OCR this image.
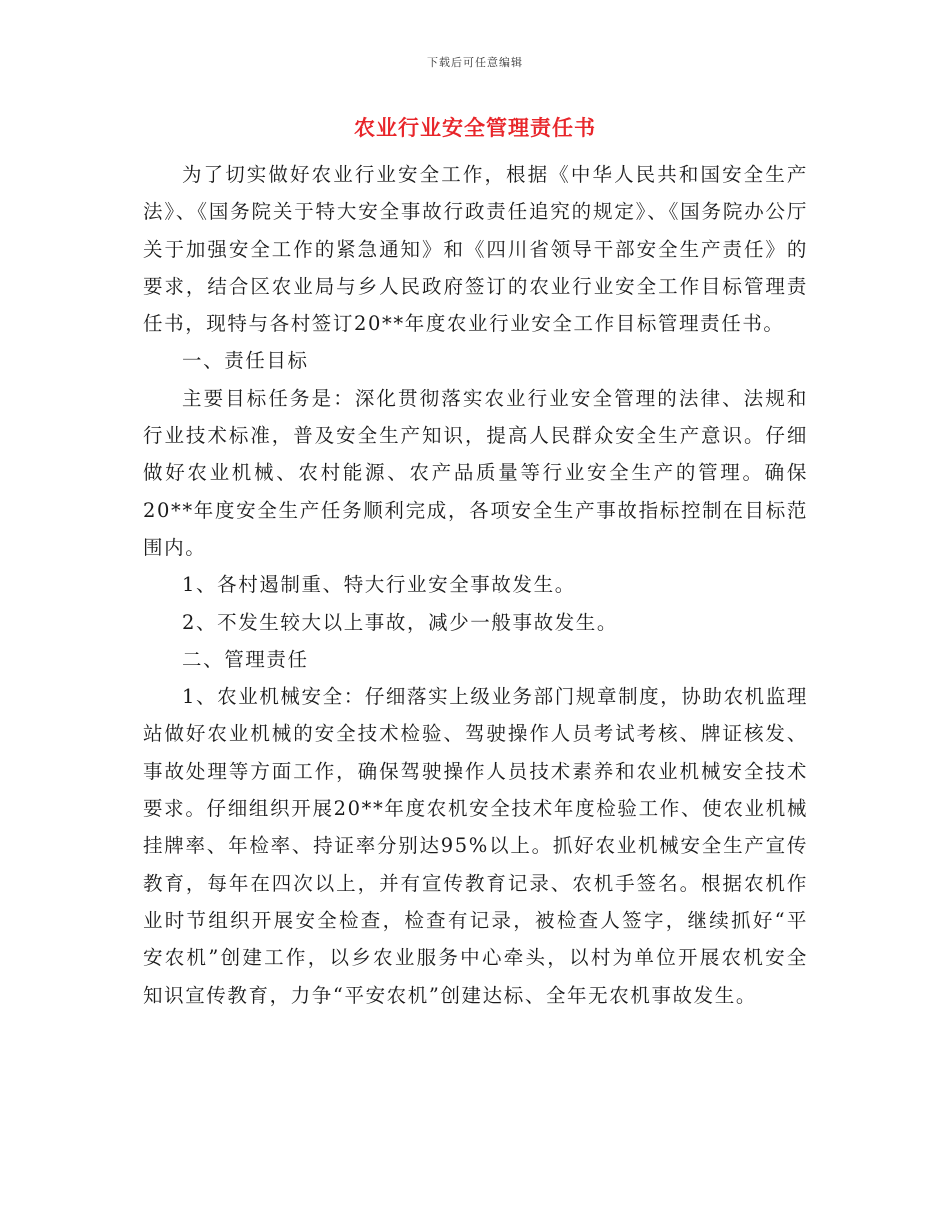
下载后可任意编辑
农业行业安全管理责任书

为了切实做好农业行业安全工作，根据《中华人民共和国安全生产法》、《国务院关于特大安全事故行政责任追究的规定》、《国务院办公厅关于加强安全工作的紧急通知》和《四川省领导干部安全生产责任》的要求，结合区农业局与乡人民政府签订的农业行业安全工作目标管理责任书，现特与各村签订20**年度农业行业安全工作目标管理责任书。

一、责任目标

主要目标任务是：深化贯彻落实农业行业安全管理的法律、法规和行业技术标准，普及安全生产知识，提高人民群众安全生产意识。仔细做好农业机械、农村能源、农产品质量等行业安全生产的管理。确保20**年度安全生产任务顺利完成，各项安全生产事故指标控制在目标范围内。

1、各村遏制重、特大行业安全事故发生。

2、不发生较大以上事故，减少一般事故发生。

二、管理责任

1、农业机械安全：仔细落实上级业务部门规章制度，协助农机监理站做好农业机械的安全技术检验、驾驶操作人员考试考核、牌证核发、事故处理等方面工作，确保驾驶操作人员技术素养和农业机械安全技术要求。仔细组织开展20**年度农机安全技术年度检验工作、使农业机械挂牌率、年检率、持证率分别达95%以上。抓好农业机械安全生产宣传教育，每年在四次以上，并有宣传教育记录、农机手签名。根据农机作业时节组织开展安全检查，检查有记录，被检查人签字，继续抓好“平安农机”创建工作，以乡农业服务中心牵头，以村为单位开展农机安全知识宣传教育，力争“平安农机”创建达标、全年无农机事故发生。
